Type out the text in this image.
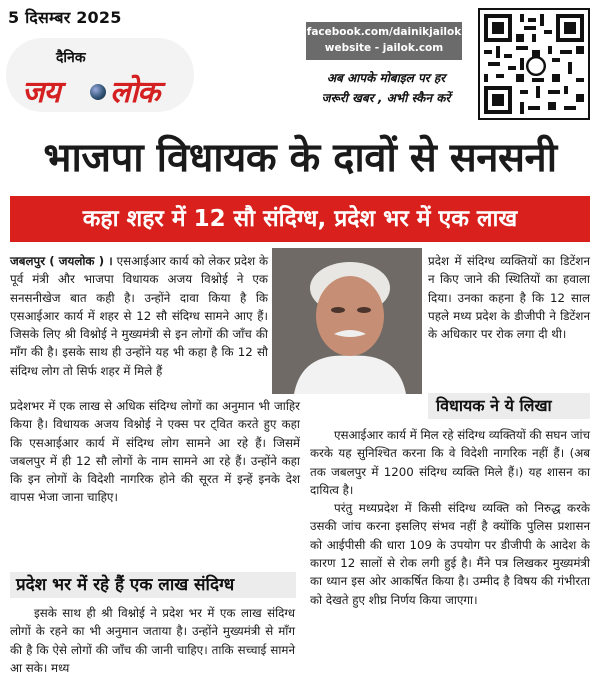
5 दिसम्बर 2025
दैनिक
जय लोक
facebook.com/dainikjailok
website - jailok.com
अब आपके मोबाइल पर हर
जरूरी खबर , अभी स्कैन करें
भाजपा विधायक के दावों से सनसनी
कहा शहर में 12 सौ संदिग्ध, प्रदेश भर में एक लाख
जबलपुर ( जयलोक ) । एसआईआर कार्य को लेकर प्रदेश के पूर्व मंत्री और भाजपा विधायक अजय विश्नोई ने एक सनसनीखेज बात कही है। उन्होंने दावा किया है कि एसआईआर कार्य में शहर से 12 सौ संदिग्ध सामने आए हैं। जिसके लिए श्री विश्नोई ने मुख्यमंत्री से इन लोगों की जाँच की माँग की है। इसके साथ ही उन्होंने यह भी कहा है कि 12 सौ संदिग्ध लोग तो सिर्फ शहर में मिले हैं
प्रदेश में संदिग्ध व्यक्तियों का डिटेंशन न किए जाने की स्थितियों का हवाला दिया। उनका कहना है कि 12 साल पहले मध्य प्रदेश के डीजीपी ने डिटेंशन के अधिकार पर रोक लगा दी थी।
विधायक ने ये लिखा
प्रदेशभर में एक लाख से अधिक संदिग्ध लोगों का अनुमान भी जाहिर किया है। विधायक अजय विश्नोई ने एक्स पर ट्वित करते हुए कहा कि एसआईआर कार्य में संदिग्ध लोग सामने आ रहे हैं। जिसमें जबलपुर में ही 12 सौ लोगों के नाम सामने आ रहे हैं। उन्होंने कहा कि इन लोगों के विदेशी नागरिक होने की सूरत में इन्हें इनके देश वापस भेजा जाना चाहिए।
प्रदेश भर में रहे हैं एक लाख संदिग्ध
इसके साथ ही श्री विश्नोई ने प्रदेश भर में एक लाख संदिग्ध लोगों के रहने का भी अनुमान जताया है। उन्होंने मुख्यमंत्री से माँग की है कि ऐसे लोगों की जाँच की जानी चाहिए। ताकि सच्चाई सामने आ सके। मध्य
एसआईआर कार्य में मिल रहे संदिग्ध व्यक्तियों की सघन जांच करके यह सुनिश्चित करना कि वे विदेशी नागरिक नहीं हैं। (अब तक जबलपुर में 1200 संदिग्ध व्यक्ति मिले हैं।) यह शासन का दायित्व है।
परंतु मध्यप्रदेश में किसी संदिग्ध व्यक्ति को निरुद्ध करके उसकी जांच करना इसलिए संभव नहीं है क्योंकि पुलिस प्रशासन को आईपीसी की धारा 109 के उपयोग पर डीजीपी के आदेश के कारण 12 सालों से रोक लगी हुई है। मैंने पत्र लिखकर मुख्यमंत्री का ध्यान इस ओर आकर्षित किया है। उम्मीद है विषय की गंभीरता को देखते हुए शीघ्र निर्णय किया जाएगा।
